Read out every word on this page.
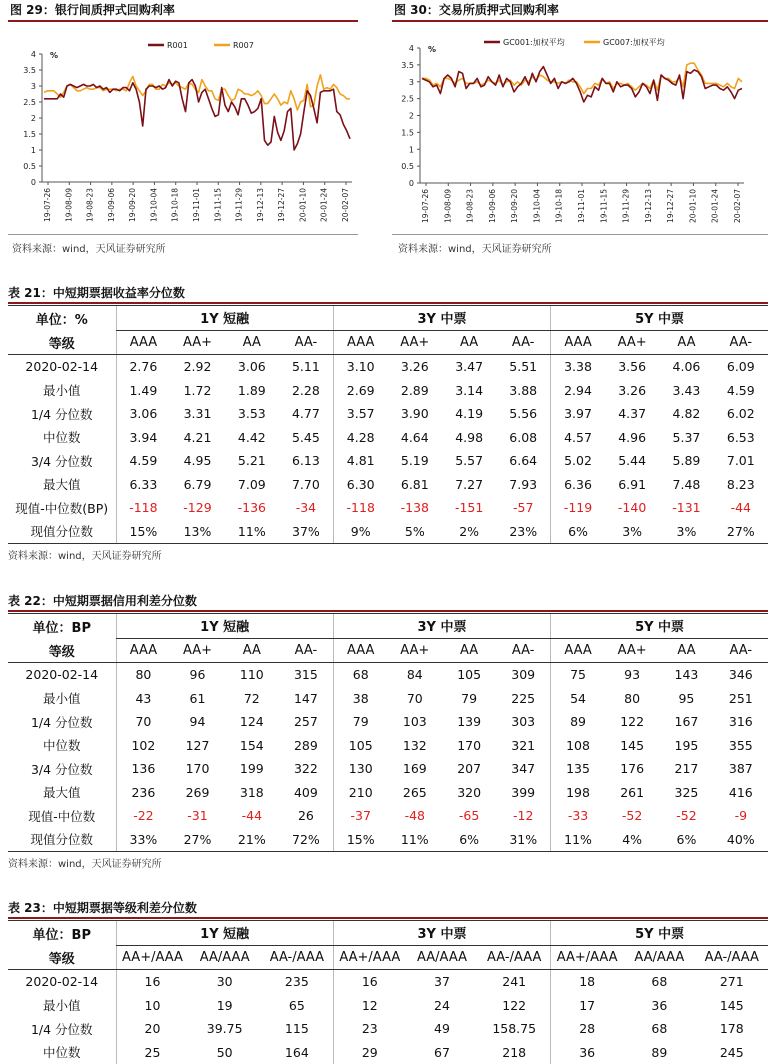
图 29：银行间质押式回购利率
0
0.5
1
1.5
2
2.5
3
3.5
4 %
19-07-26 19-08-09 19-08-23 19-09-06 19-09-20 19-10-04 19-10-18 19-11-01 19-11-15 19-11-29 19-12-13 19-12-27 20-01-10 20-01-24 20-02-07
R001	R007
资料来源：wind，天风证券研究所
图 30：交易所质押式回购利率
0
0.5
1
1.5
2
2.5
3
3.5
4 %
19-07-26 19-08-09 19-08-23 19-09-06 19-09-20 19-10-04 19-10-18 19-11-01 19-11-15 19-11-29 19-12-13 19-12-27 20-01-10 20-01-24 20-02-07
GC001:加权平均	GC007:加权平均
资料来源：wind，天风证券研究所
表 21：中短期票据收益率分位数
单位：%	1Y 短融				3Y 中票				5Y 中票			
等级	AAA	AA+	AA	AA-	AAA	AA+	AA	AA-	AAA	AA+	AA	AA-
2020-02-14	2.76	2.92	3.06	5.11	3.10	3.26	3.47	5.51	3.38	3.56	4.06	6.09
最小值	1.49	1.72	1.89	2.28	2.69	2.89	3.14	3.88	2.94	3.26	3.43	4.59
1/4 分位数	3.06	3.31	3.53	4.77	3.57	3.90	4.19	5.56	3.97	4.37	4.82	6.02
中位数	3.94	4.21	4.42	5.45	4.28	4.64	4.98	6.08	4.57	4.96	5.37	6.53
3/4 分位数	4.59	4.95	5.21	6.13	4.81	5.19	5.57	6.64	5.02	5.44	5.89	7.01
最大值	6.33	6.79	7.09	7.70	6.30	6.81	7.27	7.93	6.36	6.91	7.48	8.23
现值-中位数(BP)	-118	-129	-136	-34	-118	-138	-151	-57	-119	-140	-131	-44
现值分位数	15%	13%	11%	37%	9%	5%	2%	23%	6%	3%	3%	27%
资料来源：wind，天风证券研究所
表 22：中短期票据信用利差分位数
单位：BP	1Y 短融				3Y 中票				5Y 中票			
等级	AAA	AA+	AA	AA-	AAA	AA+	AA	AA-	AAA	AA+	AA	AA-
2020-02-14	80	96	110	315	68	84	105	309	75	93	143	346
最小值	43	61	72	147	38	70	79	225	54	80	95	251
1/4 分位数	70	94	124	257	79	103	139	303	89	122	167	316
中位数	102	127	154	289	105	132	170	321	108	145	195	355
3/4 分位数	136	170	199	322	130	169	207	347	135	176	217	387
最大值	236	269	318	409	210	265	320	399	198	261	325	416
现值-中位数	-22	-31	-44	26	-37	-48	-65	-12	-33	-52	-52	-9
现值分位数	33%	27%	21%	72%	15%	11%	6%	31%	11%	4%	6%	40%
资料来源：wind，天风证券研究所
表 23：中短期票据等级利差分位数
单位：BP	1Y 短融			3Y 中票			5Y 中票		
等级	AA+/AAA	AA/AAA	AA-/AAA	AA+/AAA	AA/AAA	AA-/AAA	AA+/AAA	AA/AAA	AA-/AAA
2020-02-14	16	30	235	16	37	241	18	68	271
最小值	10	19	65	12	24	122	17	36	145
1/4 分位数	20	39.75	115	23	49	158.75	28	68	178
中位数	25	50	164	29	67	218	36	89	245
